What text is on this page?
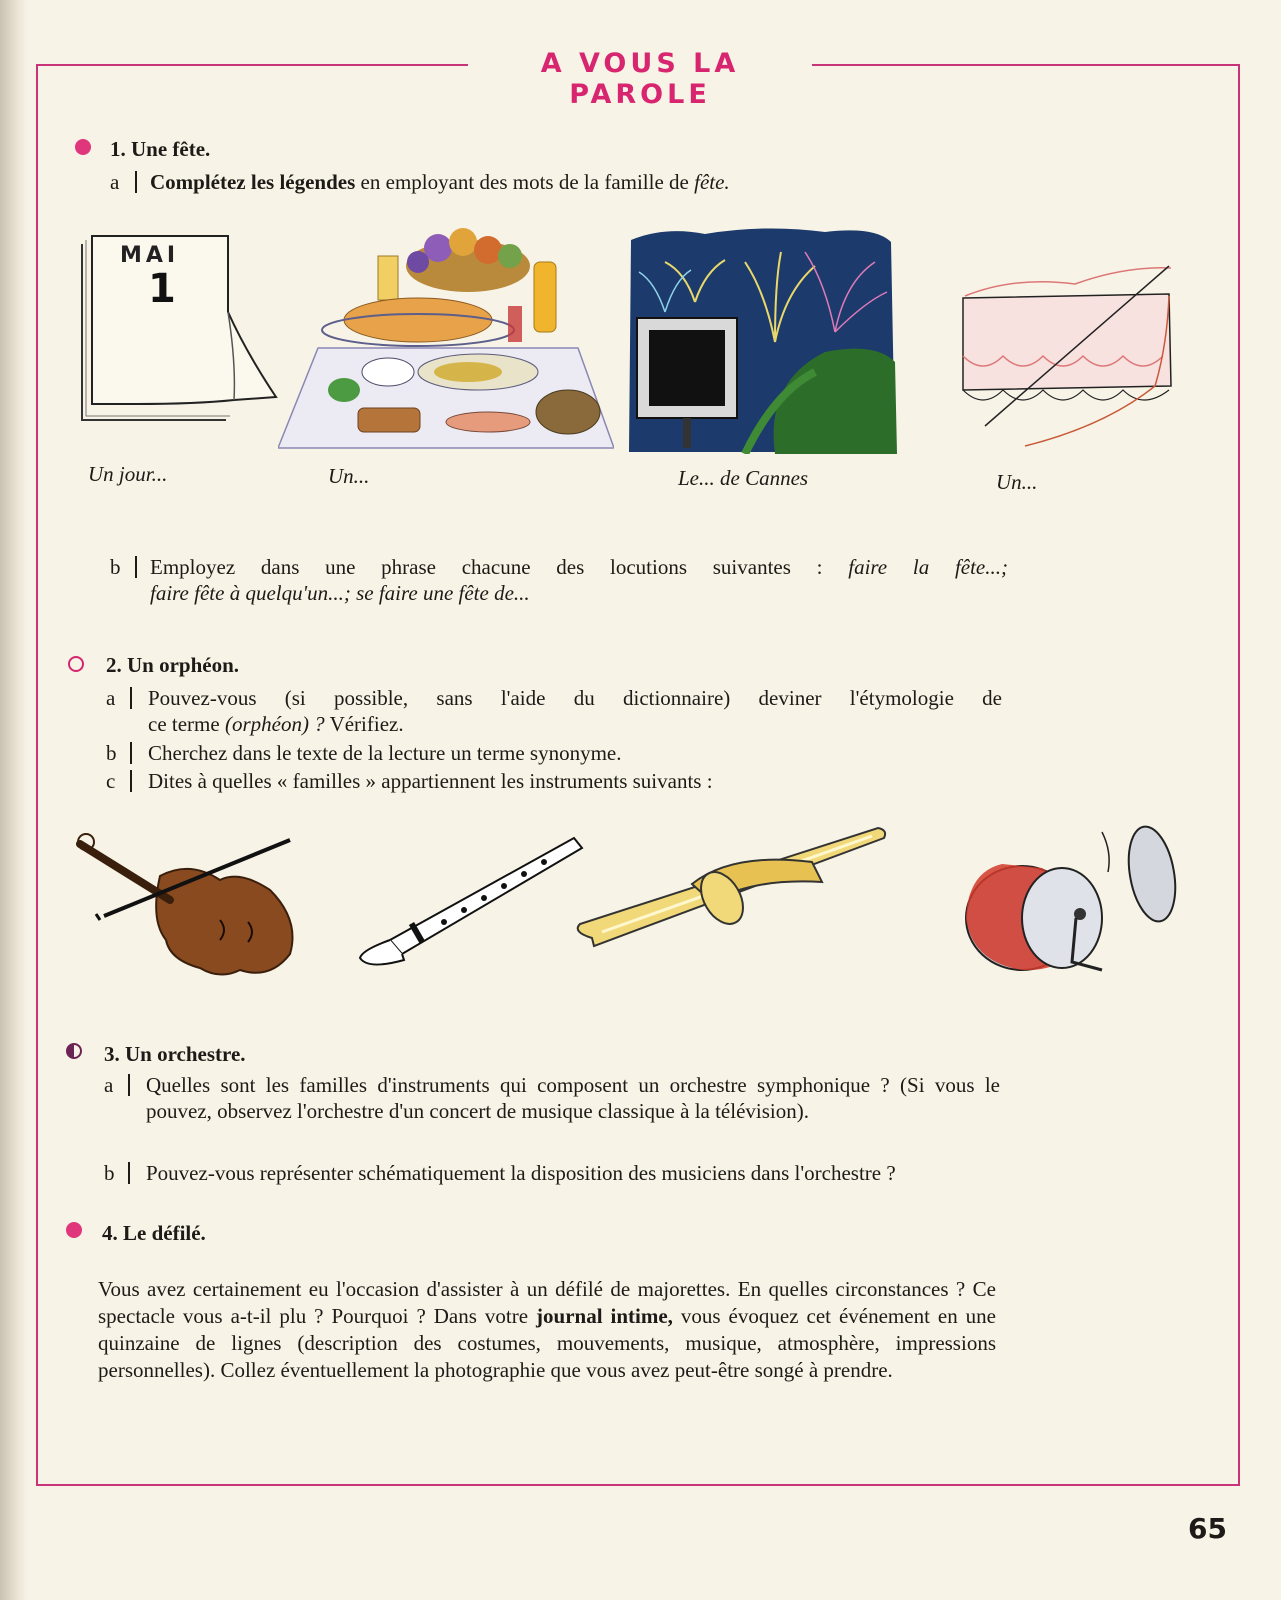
A VOUS LA PAROLE
1. Une fête.
a Complétez les légendes en employant des mots de la famille de fête.
MAI
1
Un jour...	Un...	Le... de Cannes	Un...
b Employez dans une phrase chacune des locutions suivantes : faire la fête...;
faire fête à quelqu'un...; se faire une fête de...
2. Un orphéon.
a Pouvez-vous (si possible, sans l'aide du dictionnaire) deviner l'étymologie de
ce terme (orphéon) ? Vérifiez.
b Cherchez dans le texte de la lecture un terme synonyme.
c Dites à quelles « familles » appartiennent les instruments suivants :
3. Un orchestre.
a Quelles sont les familles d'instruments qui composent un orchestre symphonique ? (Si vous le pouvez, observez l'orchestre d'un concert de musique classique à la télévision).
b Pouvez-vous représenter schématiquement la disposition des musiciens dans l'orchestre ?
4. Le défilé.
Vous avez certainement eu l'occasion d'assister à un défilé de majorettes. En quelles circonstances ? Ce spectacle vous a-t-il plu ? Pourquoi ? Dans votre journal intime, vous évoquez cet événement en une quinzaine de lignes (description des costumes, mouvements, musique, atmosphère, impressions personnelles). Collez éventuellement la photographie que vous avez peut-être songé à prendre.
65
